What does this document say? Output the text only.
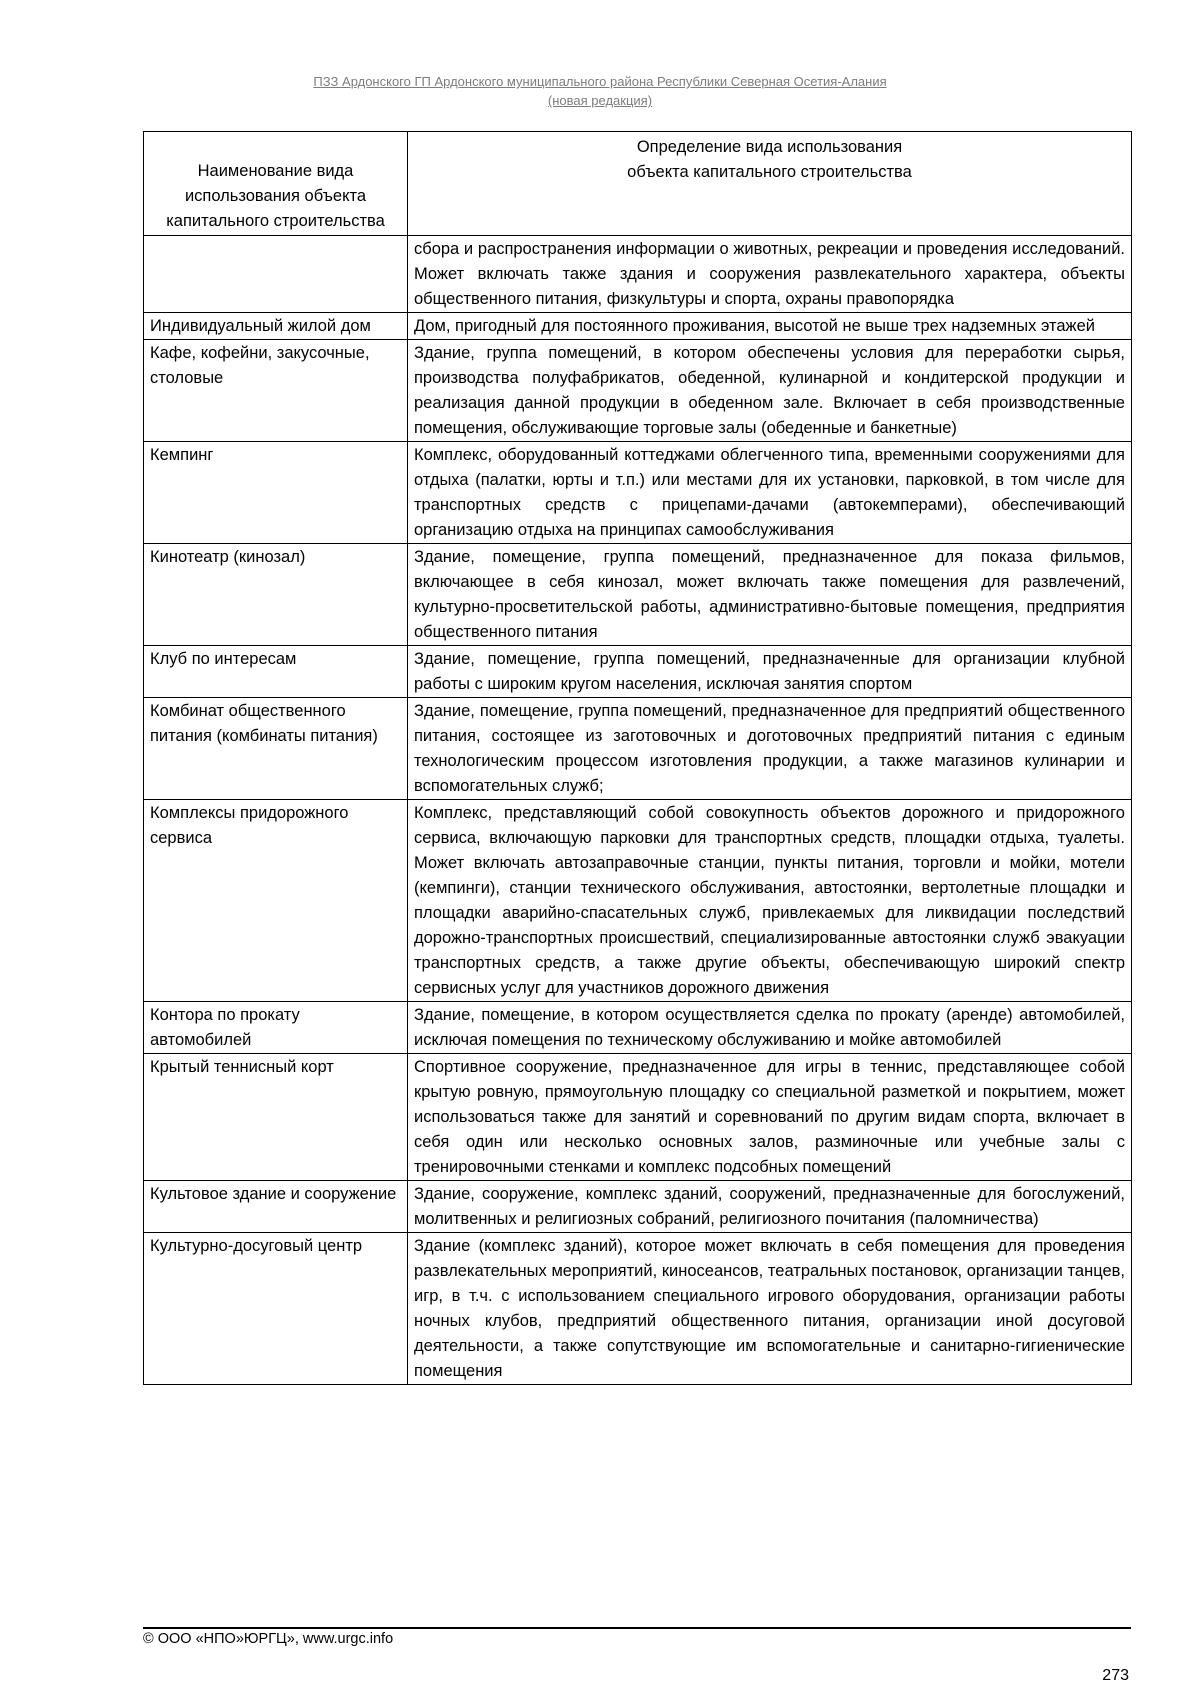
ПЗЗ Ардонского ГП Ардонского муниципального района Республики Северная Осетия-Алания
(новая редакция)
Наименование вида использования объекта капитального строительства	Определение вида использования
объекта капитального строительства

	сбора и распространения информации о животных, рекреации и проведения исследований. Может включать также здания и сооружения развлекательного характера, объекты общественного питания, физкультуры и спорта, охраны правопорядка
Индивидуальный жилой дом	Дом, пригодный для постоянного проживания, высотой не выше трех надземных этажей
Кафе, кофейни, закусочные, столовые	Здание, группа помещений, в котором обеспечены условия для переработки сырья, производства полуфабрикатов, обеденной, кулинарной и кондитерской продукции и реализация данной продукции в обеденном зале. Включает в себя производственные помещения, обслуживающие торговые залы (обеденные и банкетные)
Кемпинг	Комплекс, оборудованный коттеджами облегченного типа, временными сооружениями для отдыха (палатки, юрты и т.п.) или местами для их установки, парковкой, в том числе для транспортных средств с прицепами-дачами (автокемперами), обеспечивающий организацию отдыха на принципах самообслуживания
Кинотеатр (кинозал)	Здание, помещение, группа помещений, предназначенное для показа фильмов, включающее в себя кинозал, может включать также помещения для развлечений, культурно-просветительской работы, административно-бытовые помещения, предприятия общественного питания
Клуб по интересам	Здание, помещение, группа помещений, предназначенные для организации клубной работы с широким кругом населения, исключая занятия спортом
Комбинат общественного питания (комбинаты питания)	Здание, помещение, группа помещений, предназначенное для предприятий общественного питания, состоящее из заготовочных и доготовочных предприятий питания с единым технологическим процессом изготовления продукции, а также магазинов кулинарии и вспомогательных служб;
Комплексы придорожного сервиса	Комплекс, представляющий собой совокупность объектов дорожного и придорожного сервиса, включающую парковки для транспортных средств, площадки отдыха, туалеты. Может включать автозаправочные станции, пункты питания, торговли и мойки, мотели (кемпинги), станции технического обслуживания, автостоянки, вертолетные площадки и площадки аварийно-спасательных служб, привлекаемых для ликвидации последствий дорожно-транспортных происшествий, специализированные автостоянки служб эвакуации транспортных средств, а также другие объекты, обеспечивающую широкий спектр сервисных услуг для участников дорожного движения
Контора по прокату автомобилей	Здание, помещение, в котором осуществляется сделка по прокату (аренде) автомобилей, исключая помещения по техническому обслуживанию и мойке автомобилей
Крытый теннисный корт	Спортивное сооружение, предназначенное для игры в теннис, представляющее собой крытую ровную, прямоугольную площадку со специальной разметкой и покрытием, может использоваться также для занятий и соревнований по другим видам спорта, включает в себя один или несколько основных залов, разминочные или учебные залы с тренировочными стенками и комплекс подсобных помещений
Культовое здание и сооружение	Здание, сооружение, комплекс зданий, сооружений, предназначенные для богослужений, молитвенных и религиозных собраний, религиозного почитания (паломничества)
Культурно-досуговый центр	Здание (комплекс зданий), которое может включать в себя помещения для проведения развлекательных мероприятий, киносеансов, театральных постановок, организации танцев, игр, в т.ч. с использованием специального игрового оборудования, организации работы ночных клубов, предприятий общественного питания, организации иной досуговой деятельности, а также сопутствующие им вспомогательные и санитарно-гигиенические помещения
© ООО «НПО»ЮРГЦ», www.urgc.info
273
